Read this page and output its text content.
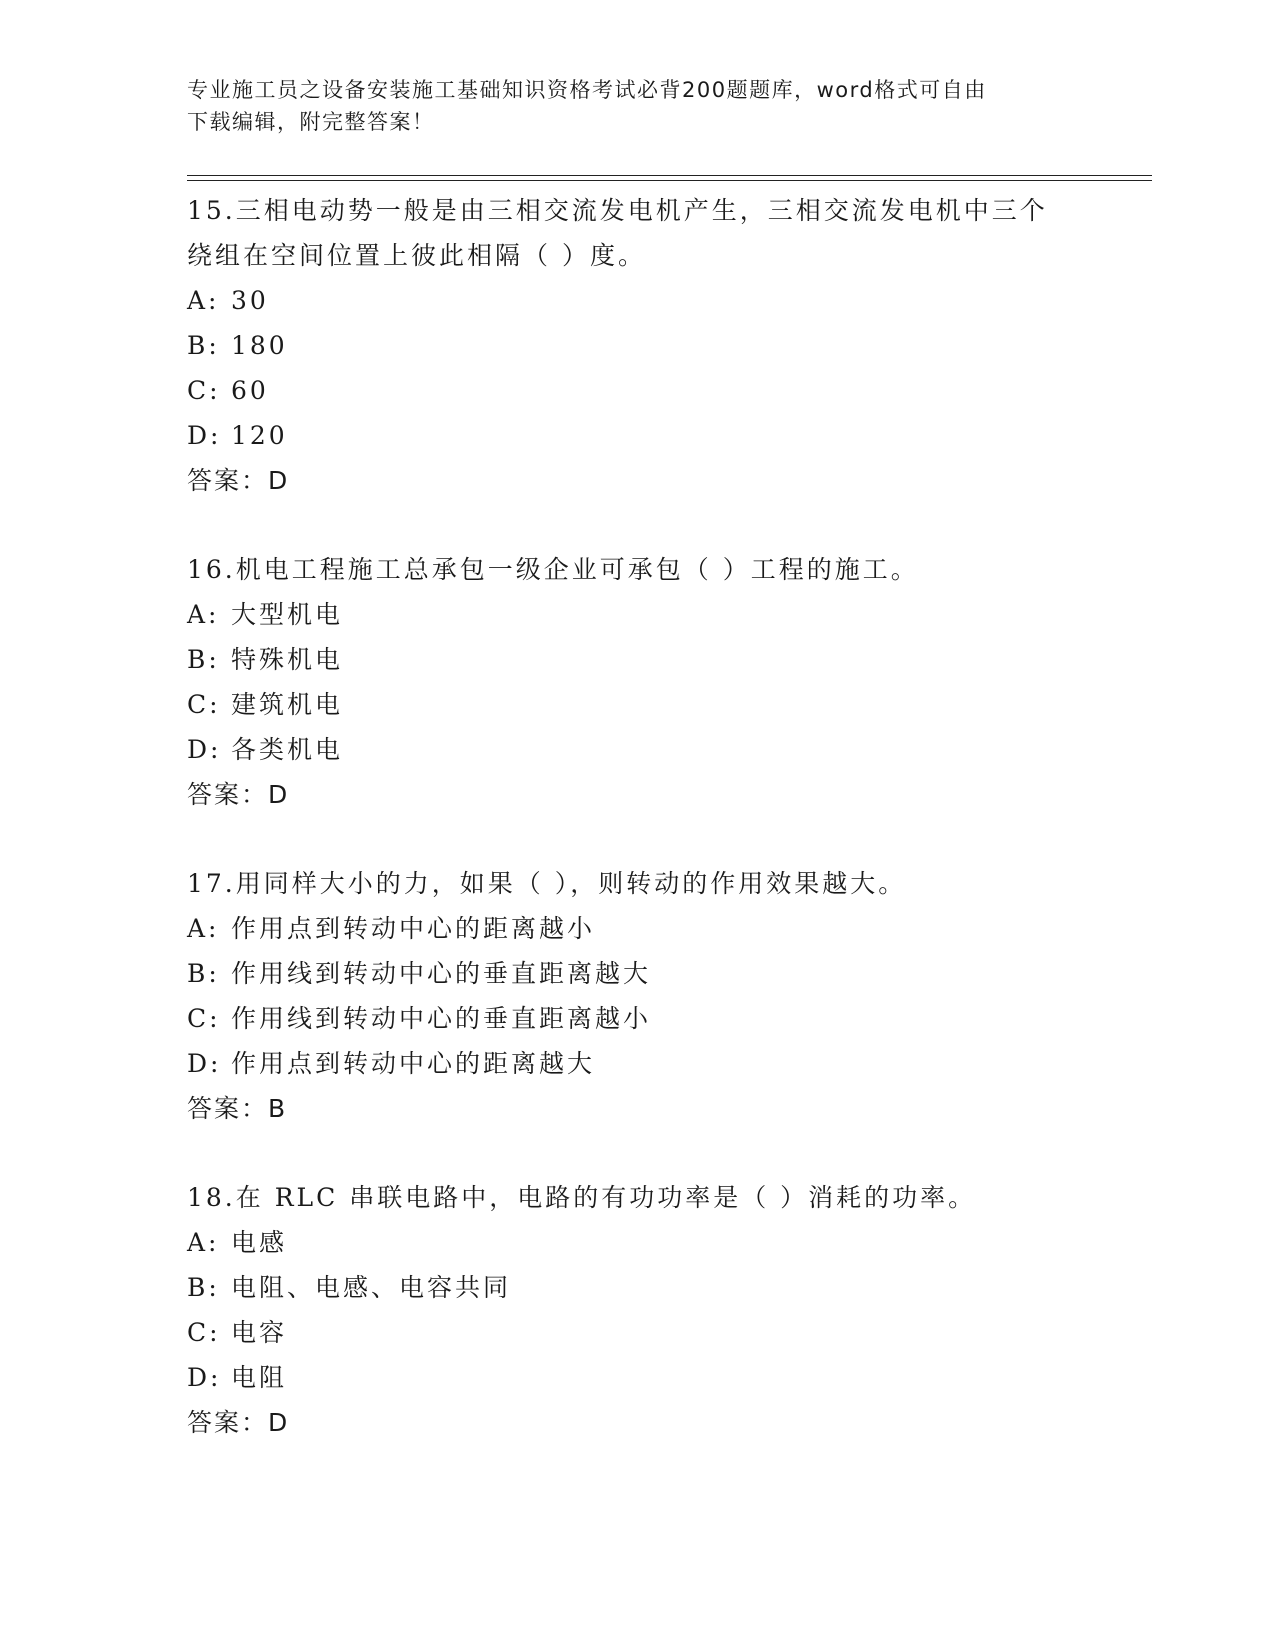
专业施工员之设备安装施工基础知识资格考试必背200题题库，word格式可自由
下载编辑，附完整答案！

15.三相电动势一般是由三相交流发电机产生，三相交流发电机中三个

绕组在空间位置上彼此相隔（ ）度。

A: 30
B: 180
C: 60
D: 120

答案：D

16.机电工程施工总承包一级企业可承包（ ）工程的施工。

A: 大型机电
B: 特殊机电
C: 建筑机电
D: 各类机电

答案：D

17.用同样大小的力，如果（ ），则转动的作用效果越大。

A: 作用点到转动中心的距离越小
B: 作用线到转动中心的垂直距离越大
C: 作用线到转动中心的垂直距离越小
D: 作用点到转动中心的距离越大

答案：B

18.在 RLC 串联电路中，电路的有功功率是（ ）消耗的功率。

A: 电感
B: 电阻、电感、电容共同
C: 电容
D: 电阻

答案：D
